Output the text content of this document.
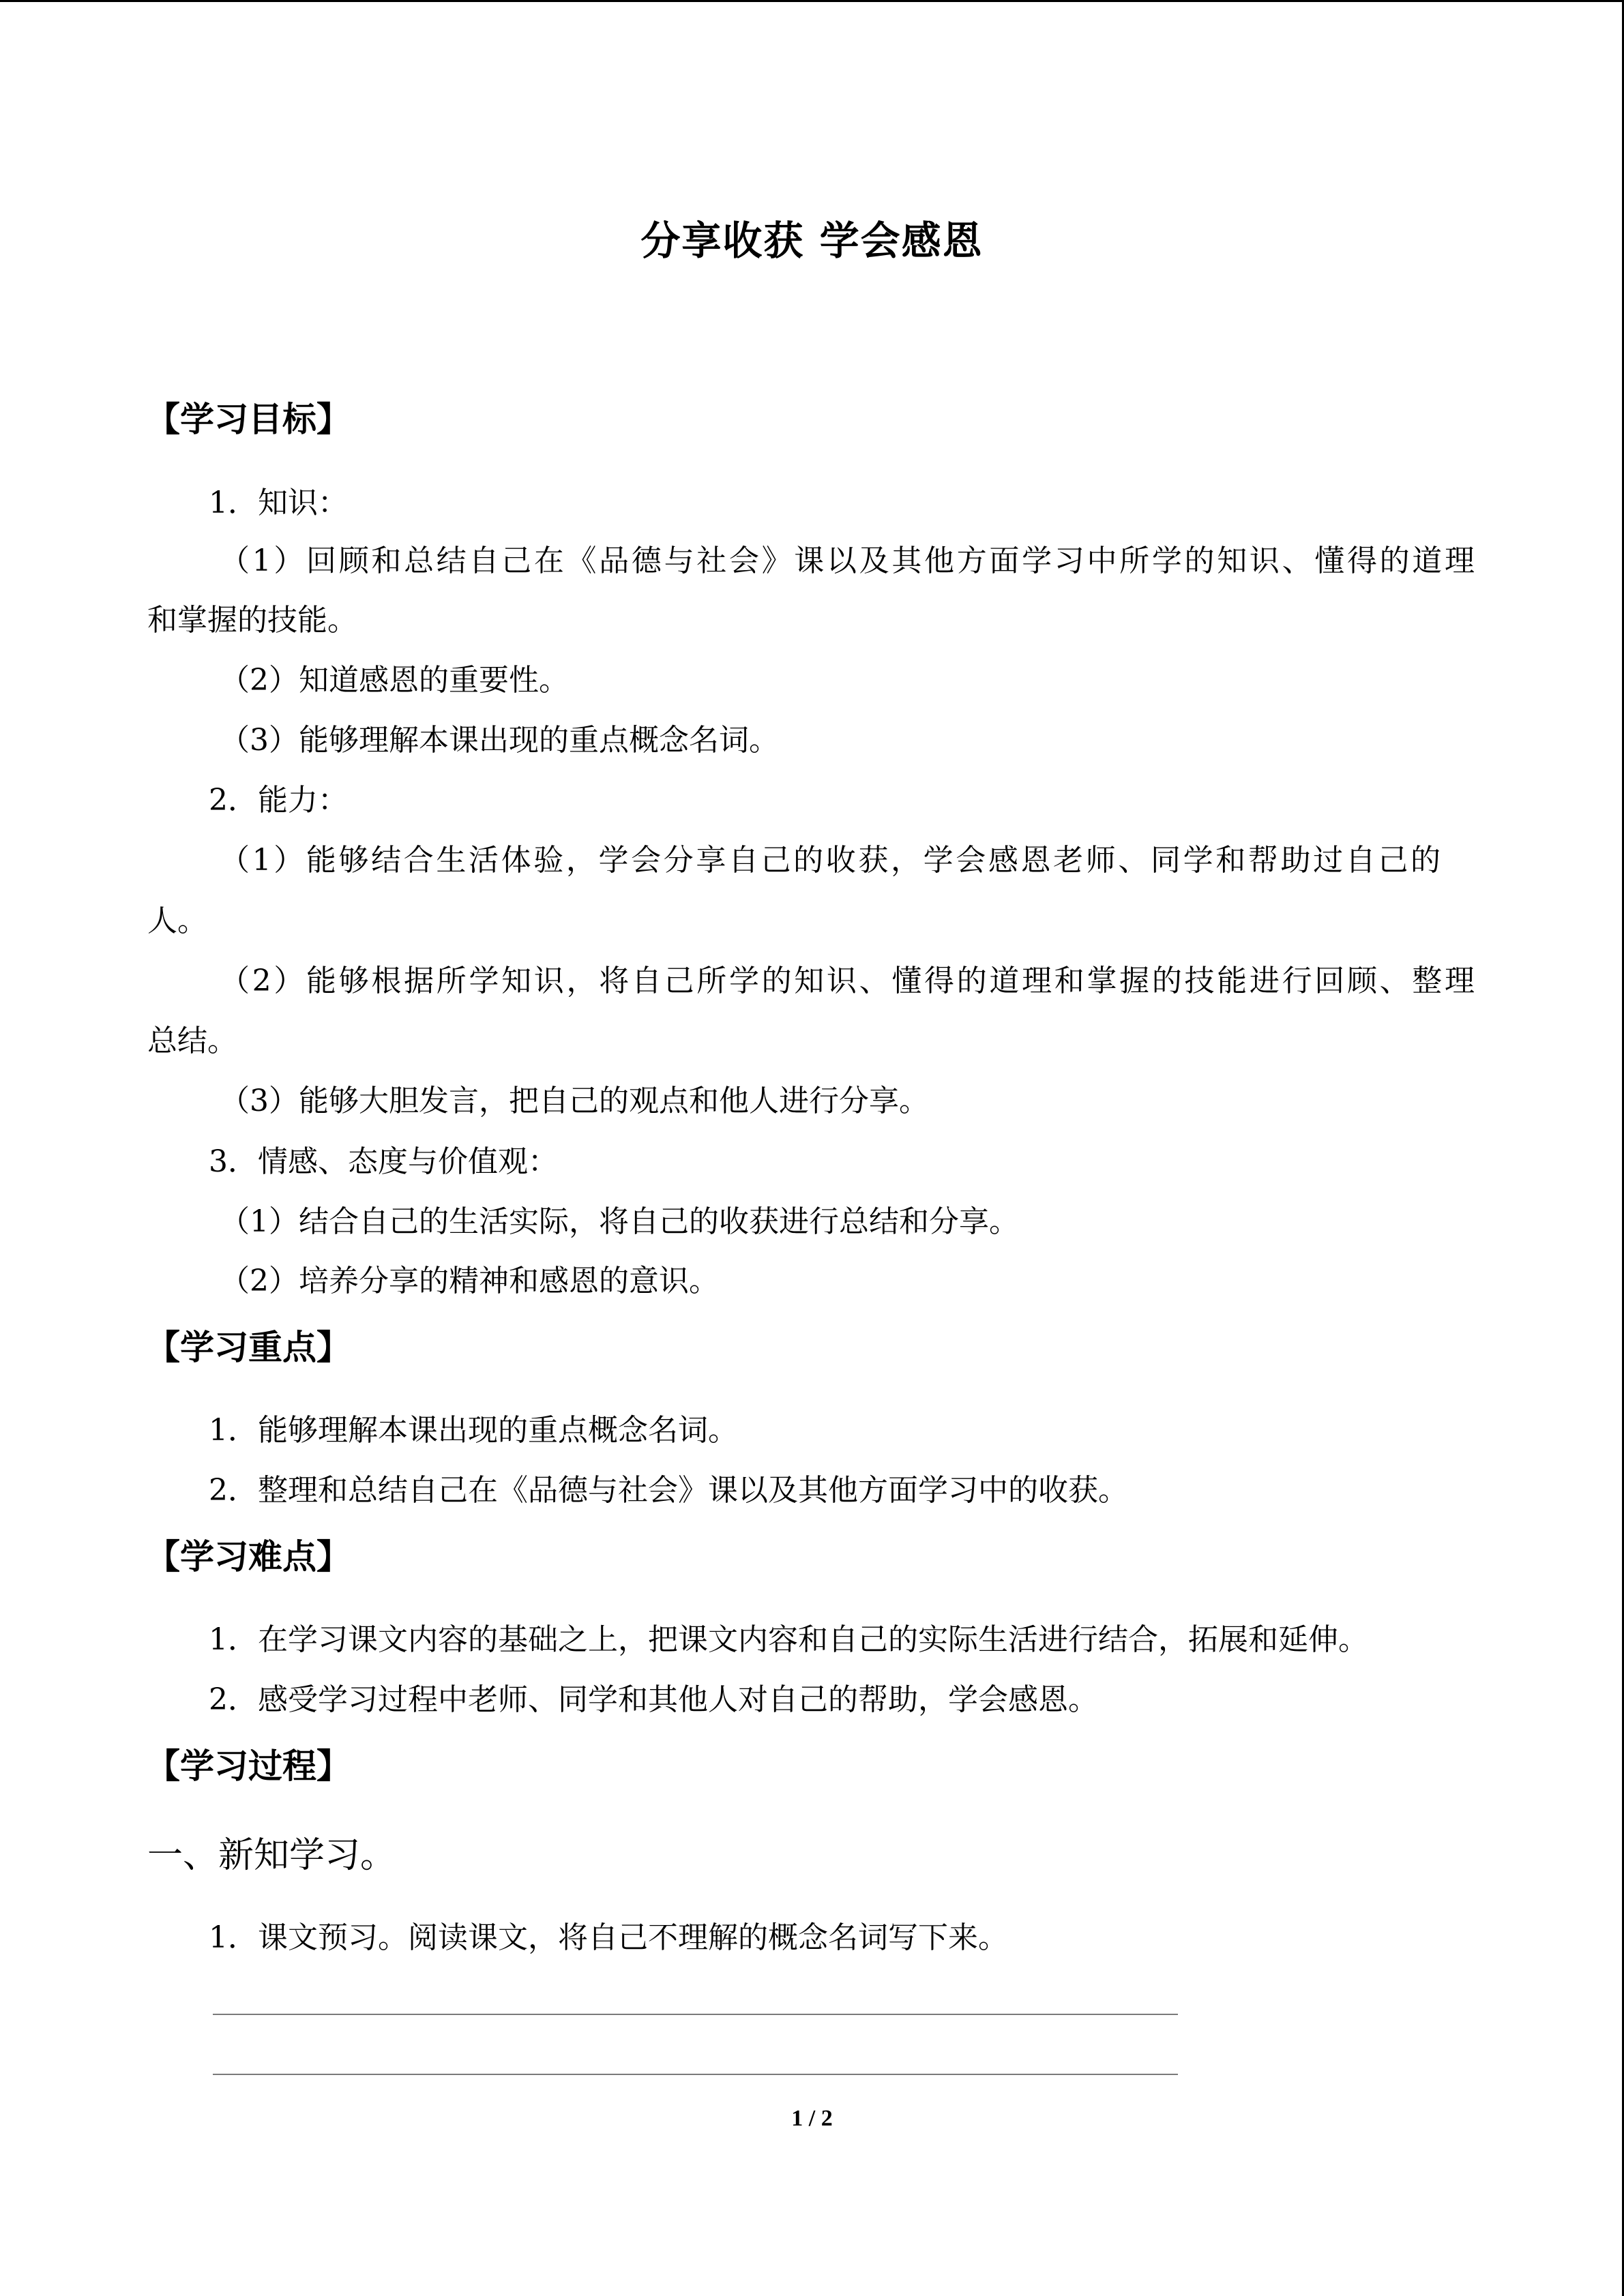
分享收获 学会感恩
【学习目标】
1．知识：
（1）回顾和总结自己在《品德与社会》课以及其他方面学习中所学的知识、懂得的道理
和掌握的技能。
（2）知道感恩的重要性。
（3）能够理解本课出现的重点概念名词。
2．能力：
（1）能够结合生活体验，学会分享自己的收获，学会感恩老师、同学和帮助过自己的
人。
（2）能够根据所学知识，将自己所学的知识、懂得的道理和掌握的技能进行回顾、整理
总结。
（3）能够大胆发言，把自己的观点和他人进行分享。
3．情感、态度与价值观：
（1）结合自己的生活实际，将自己的收获进行总结和分享。
（2）培养分享的精神和感恩的意识。
【学习重点】
1．能够理解本课出现的重点概念名词。
2．整理和总结自己在《品德与社会》课以及其他方面学习中的收获。
【学习难点】
1．在学习课文内容的基础之上，把课文内容和自己的实际生活进行结合，拓展和延伸。
2．感受学习过程中老师、同学和其他人对自己的帮助，学会感恩。
【学习过程】
一、新知学习。
1．课文预习。阅读课文，将自己不理解的概念名词写下来。
1 / 2
